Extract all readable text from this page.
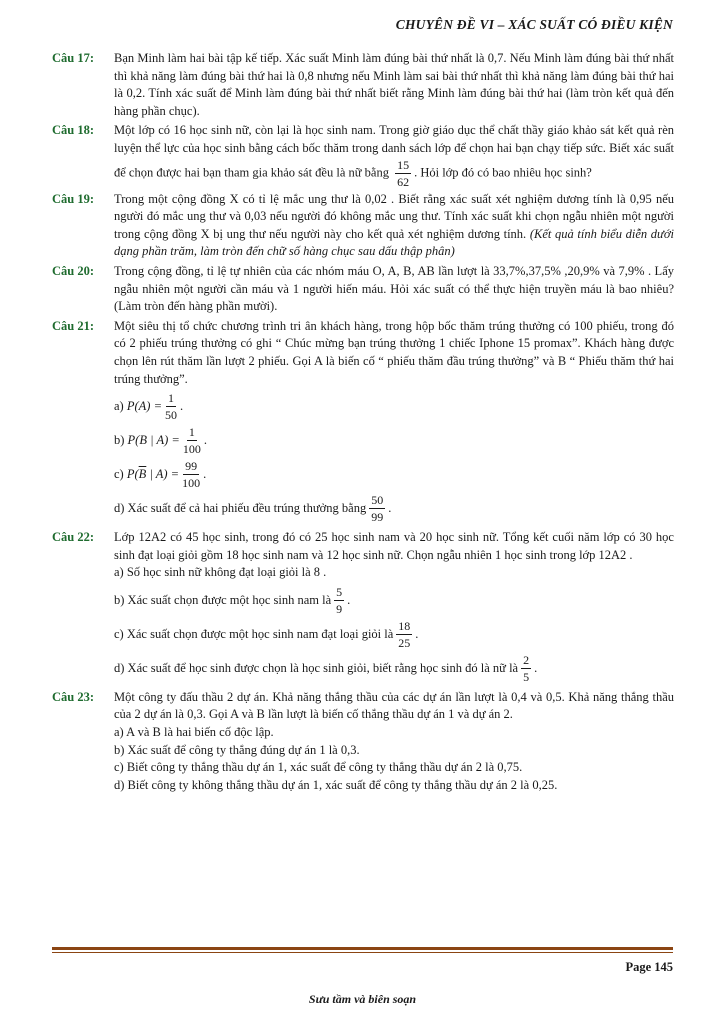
CHUYÊN ĐỀ VI – XÁC SUẤT CÓ ĐIỀU KIỆN
Câu 17:	Bạn Minh làm hai bài tập kế tiếp. Xác suất Minh làm đúng bài thứ nhất là 0,7. Nếu Minh làm đúng bài thứ nhất thì khả năng làm đúng bài thứ hai là 0,8 nhưng nếu Minh làm sai bài thứ nhất thì khả năng làm đúng bài thứ hai là 0,2. Tính xác suất để Minh làm đúng bài thứ nhất biết rằng Minh làm đúng bài thứ hai (làm tròn kết quả đến hàng phần chục).

Câu 18:	Một lớp có 16 học sinh nữ, còn lại là học sinh nam. Trong giờ giáo dục thể chất thầy giáo khảo sát kết quả rèn luyện thể lực của học sinh bằng cách bốc thăm trong danh sách lớp để chọn hai bạn chạy tiếp sức. Biết xác suất để chọn được hai bạn tham gia khảo sát đều là nữ bằng $\frac{15}{62}$ . Hỏi lớp đó có bao nhiêu học sinh?

Câu 19:	Trong một cộng đồng X có tỉ lệ mắc ung thư là 0,02 . Biết rằng xác suất xét nghiệm dương tính là 0,95 nếu người đó mắc ung thư và 0,03 nếu người đó không mắc ung thư. Tính xác suất khi chọn ngẫu nhiên một người trong cộng đồng X bị ung thư nếu người này cho kết quả xét nghiệm dương tính. (Kết quả tính biểu diễn dưới dạng phần trăm, làm tròn đến chữ số hàng chục sau dấu thập phân)

Câu 20:	Trong cộng đồng, tỉ lệ tự nhiên của các nhóm máu O, A, B, AB lần lượt là 33,7%,37,5% ,20,9% và 7,9% . Lấy ngẫu nhiên một người cần máu và 1 người hiến máu. Hỏi xác suất có thể thực hiện truyền máu là bao nhiêu? (Làm tròn đến hàng phần mười).

Câu 21:	Một siêu thị tổ chức chương trình tri ân khách hàng, trong hộp bốc thăm trúng thưởng có 100 phiếu, trong đó có 2 phiếu trúng thưởng có ghi “ Chúc mừng bạn trúng thưởng 1 chiếc Iphone 15 promax”. Khách hàng được chọn lên rút thăm lần lượt 2 phiếu. Gọi A là biến cố “ phiếu thăm đầu trúng thưởng” và B “ Phiếu thăm thứ hai trúng thưởng”.

a)
$P(A) = \frac{1}{50}$ .
b)
P(B | $A) = \frac{1}{100}$ .
c)
$P(\overline{B}$ | $A) = \frac{99}{100}$ .
d) Xác suất để cả hai phiếu đều trúng thưởng bằng $\frac{50}{99}$ .
Câu 22:	Lớp 12A2 có 45 học sinh, trong đó có 25 học sinh nam và 20 học sinh nữ. Tổng kết cuối năm lớp có 30 học sinh đạt loại giỏi gồm 18 học sinh nam và 12 học sinh nữ. Chọn ngẫu nhiên 1 học sinh trong lớp 12A2 .

a) Số học sinh nữ không đạt loại giỏi là 8 .

b) Xác suất chọn được một học sinh nam là $\frac{5}{9}$ .
c) Xác suất chọn được một học sinh nam đạt loại giỏi là $\frac{18}{25}$ .
d) Xác suất để học sinh được chọn là học sinh giỏi, biết rằng học sinh đó là nữ là $\frac{2}{5}$ .
Câu 23:	Một công ty đấu thầu 2 dự án. Khả năng thắng thầu của các dự án lần lượt là 0,4 và 0,5. Khả năng thắng thầu của 2 dự án là 0,3. Gọi A và B lần lượt là biến cố thắng thầu dự án 1 và dự án 2.

a) A và B là hai biến cố độc lập.

b) Xác suất để công ty thắng đúng dự án 1 là 0,3.

c) Biết công ty thắng thầu dự án 1, xác suất để công ty thắng thầu dự án 2 là 0,75.

d) Biết công ty không thắng thầu dự án 1, xác suất để công ty thắng thầu dự án 2 là 0,25.

Page 145
Sưu tầm và biên soạn
